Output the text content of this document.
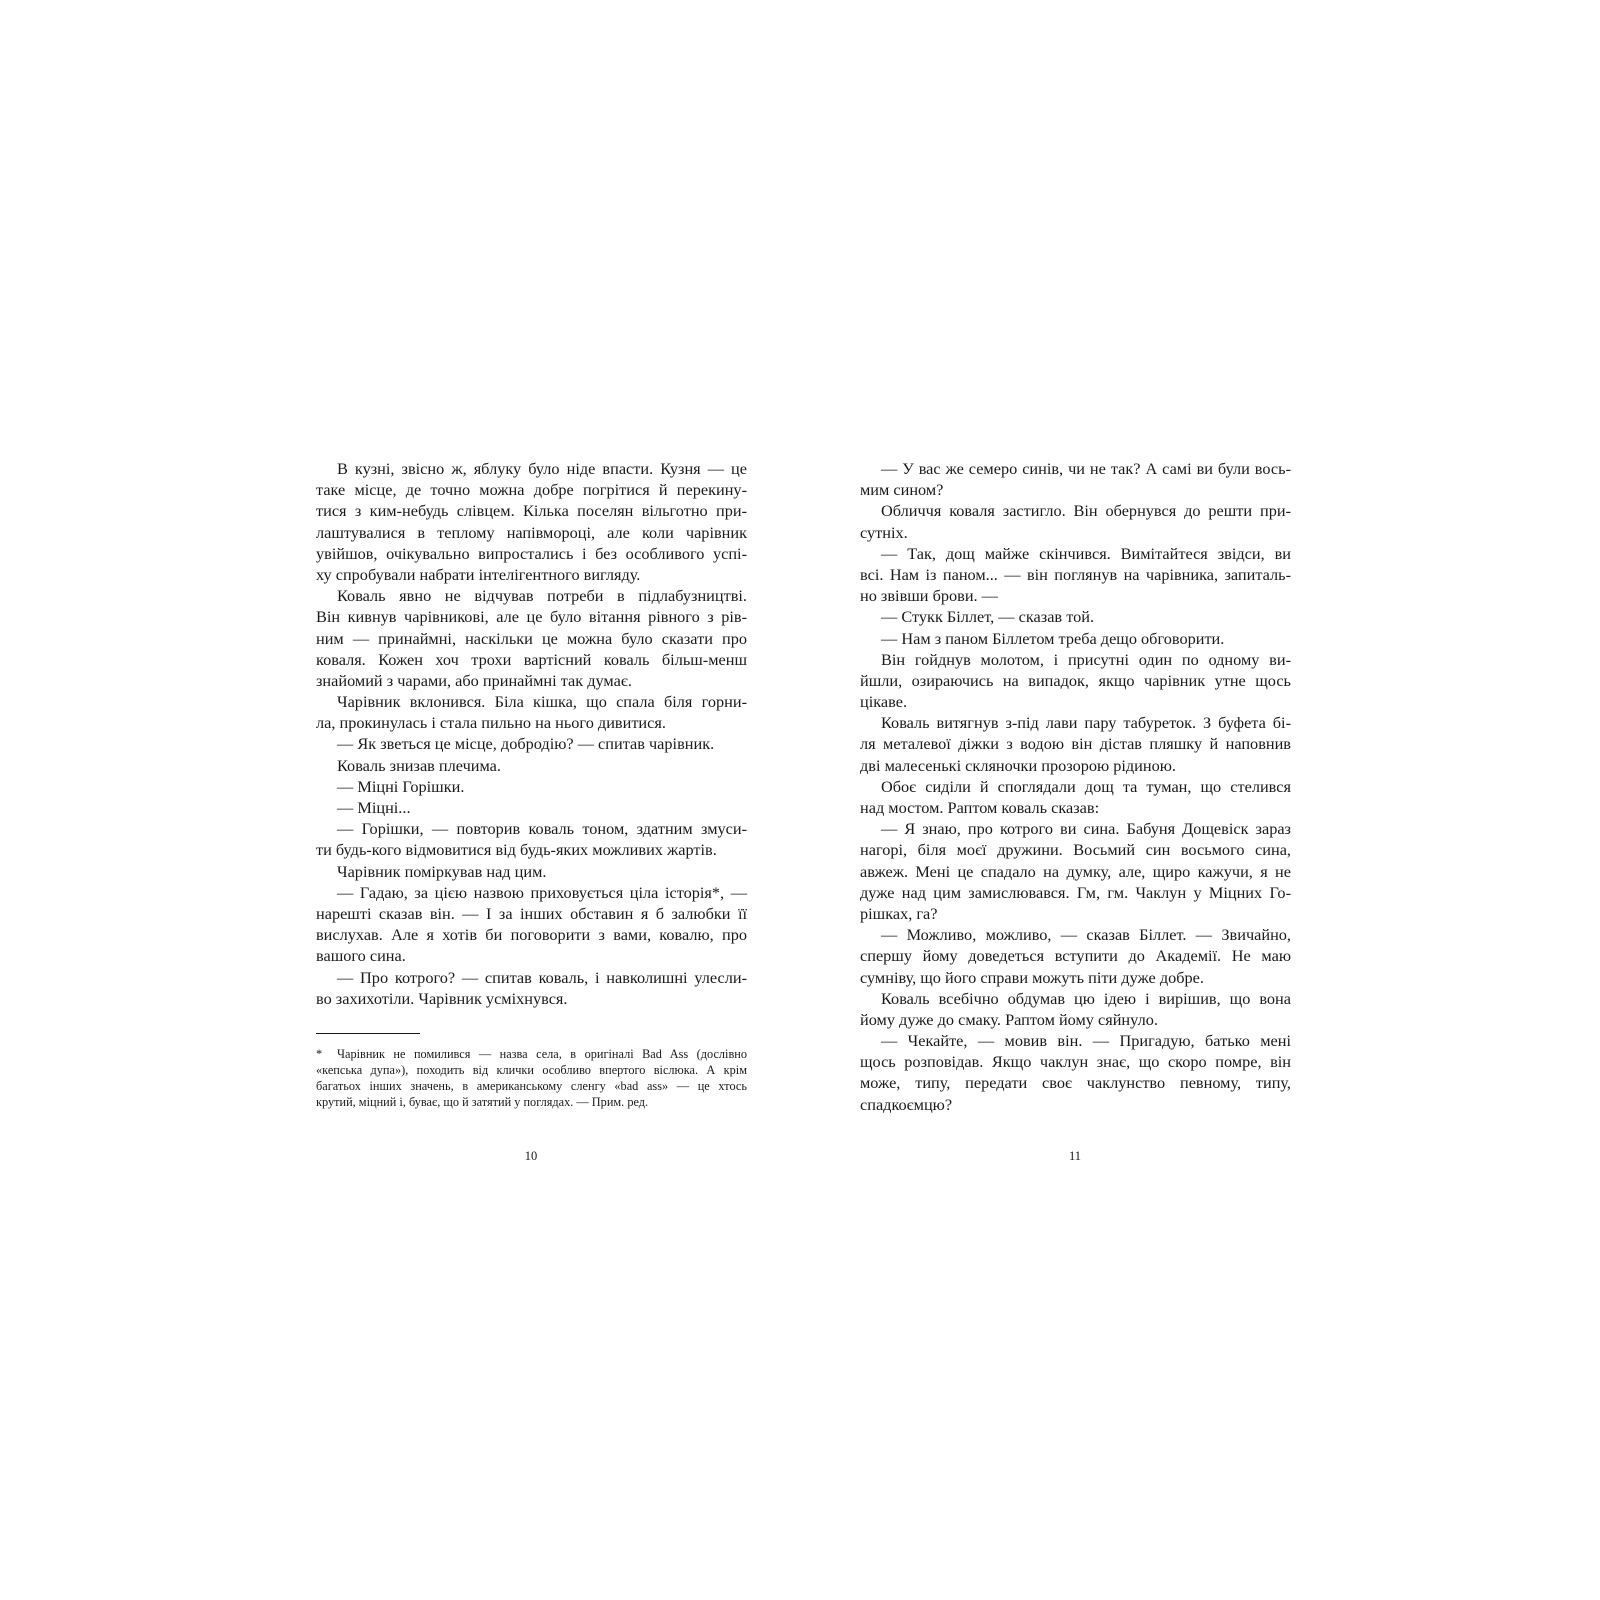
В кузні, звісно ж, яблуку було ніде впасти. Кузня — це
таке місце, де точно можна добре погрітися й перекину-
тися з ким-небудь слівцем. Кілька поселян вільготно при-
лаштувалися в теплому напівмороці, але коли чарівник
увійшов, очікувально випростались і без особливого успі-
ху спробували набрати інтелігентного вигляду.
Коваль явно не відчував потреби в підлабузництві.
Він кивнув чарівникові, але це було вітання рівного з рів-
ним — принаймні, наскільки це можна було сказати про
коваля. Кожен хоч трохи вартісний коваль більш-менш
знайомий з чарами, або принаймні так думає.
Чарівник вклонився. Біла кішка, що спала біля горни-
ла, прокинулась і стала пильно на нього дивитися.
— Як зветься це місце, добродію? — спитав чарівник.
Коваль знизав плечима.
— Міцні Горішки.
— Міцні...
— Горішки, — повторив коваль тоном, здатним змуси-
ти будь-кого відмовитися від будь-яких можливих жартів.
Чарівник поміркував над цим.
— Гадаю, за цією назвою приховується ціла історія*, —
нарешті сказав він. — І за інших обставин я б залюбки її
вислухав. Але я хотів би поговорити з вами, ковалю, про
вашого сина.
— Про котрого? — спитав коваль, і навколишні улесли-
во захихотіли. Чарівник усміхнувся.
* Чарівник не помилився — назва села, в оригіналі Bad Ass (дослівно
«кепська дупа»), походить від клички особливо впертого віслюка. А крім
багатьох інших значень, в американському сленгу «bad ass» — це хтось
крутий, міцний і, буває, що й затятий у поглядах. — Прим. ред.
10
— У вас же семеро синів, чи не так? А самі ви були вось-
мим сином?
Обличчя коваля застигло. Він обернувся до решти при-
сутніх.
— Так, дощ майже скінчився. Вимітайтеся звідси, ви
всі. Нам із паном... — він поглянув на чарівника, запиталь-
но звівши брови. —
— Стукк Біллет, — сказав той.
— Нам з паном Біллетом треба дещо обговорити.
Він гойднув молотом, і присутні один по одному ви-
йшли, озираючись на випадок, якщо чарівник утне щось
цікаве.
Коваль витягнув з-під лави пару табуреток. З буфета бі-
ля металевої діжки з водою він дістав пляшку й наповнив
дві малесенькі скляночки прозорою рідиною.
Обоє сиділи й споглядали дощ та туман, що стелився
над мостом. Раптом коваль сказав:
— Я знаю, про котрого ви сина. Бабуня Дощевіск зараз
нагорі, біля моєї дружини. Восьмий син восьмого сина,
авжеж. Мені це спадало на думку, але, щиро кажучи, я не
дуже над цим замислювався. Гм, гм. Чаклун у Міцних Го-
рішках, га?
— Можливо, можливо, — сказав Біллет. — Звичайно,
спершу йому доведеться вступити до Академії. Не маю
сумніву, що його справи можуть піти дуже добре.
Коваль всебічно обдумав цю ідею і вирішив, що вона
йому дуже до смаку. Раптом йому сяйнуло.
— Чекайте, — мовив він. — Пригадую, батько мені
щось розповідав. Якщо чаклун знає, що скоро помре, він
може, типу, передати своє чаклунство певному, типу,
спадкоємцю?
11
